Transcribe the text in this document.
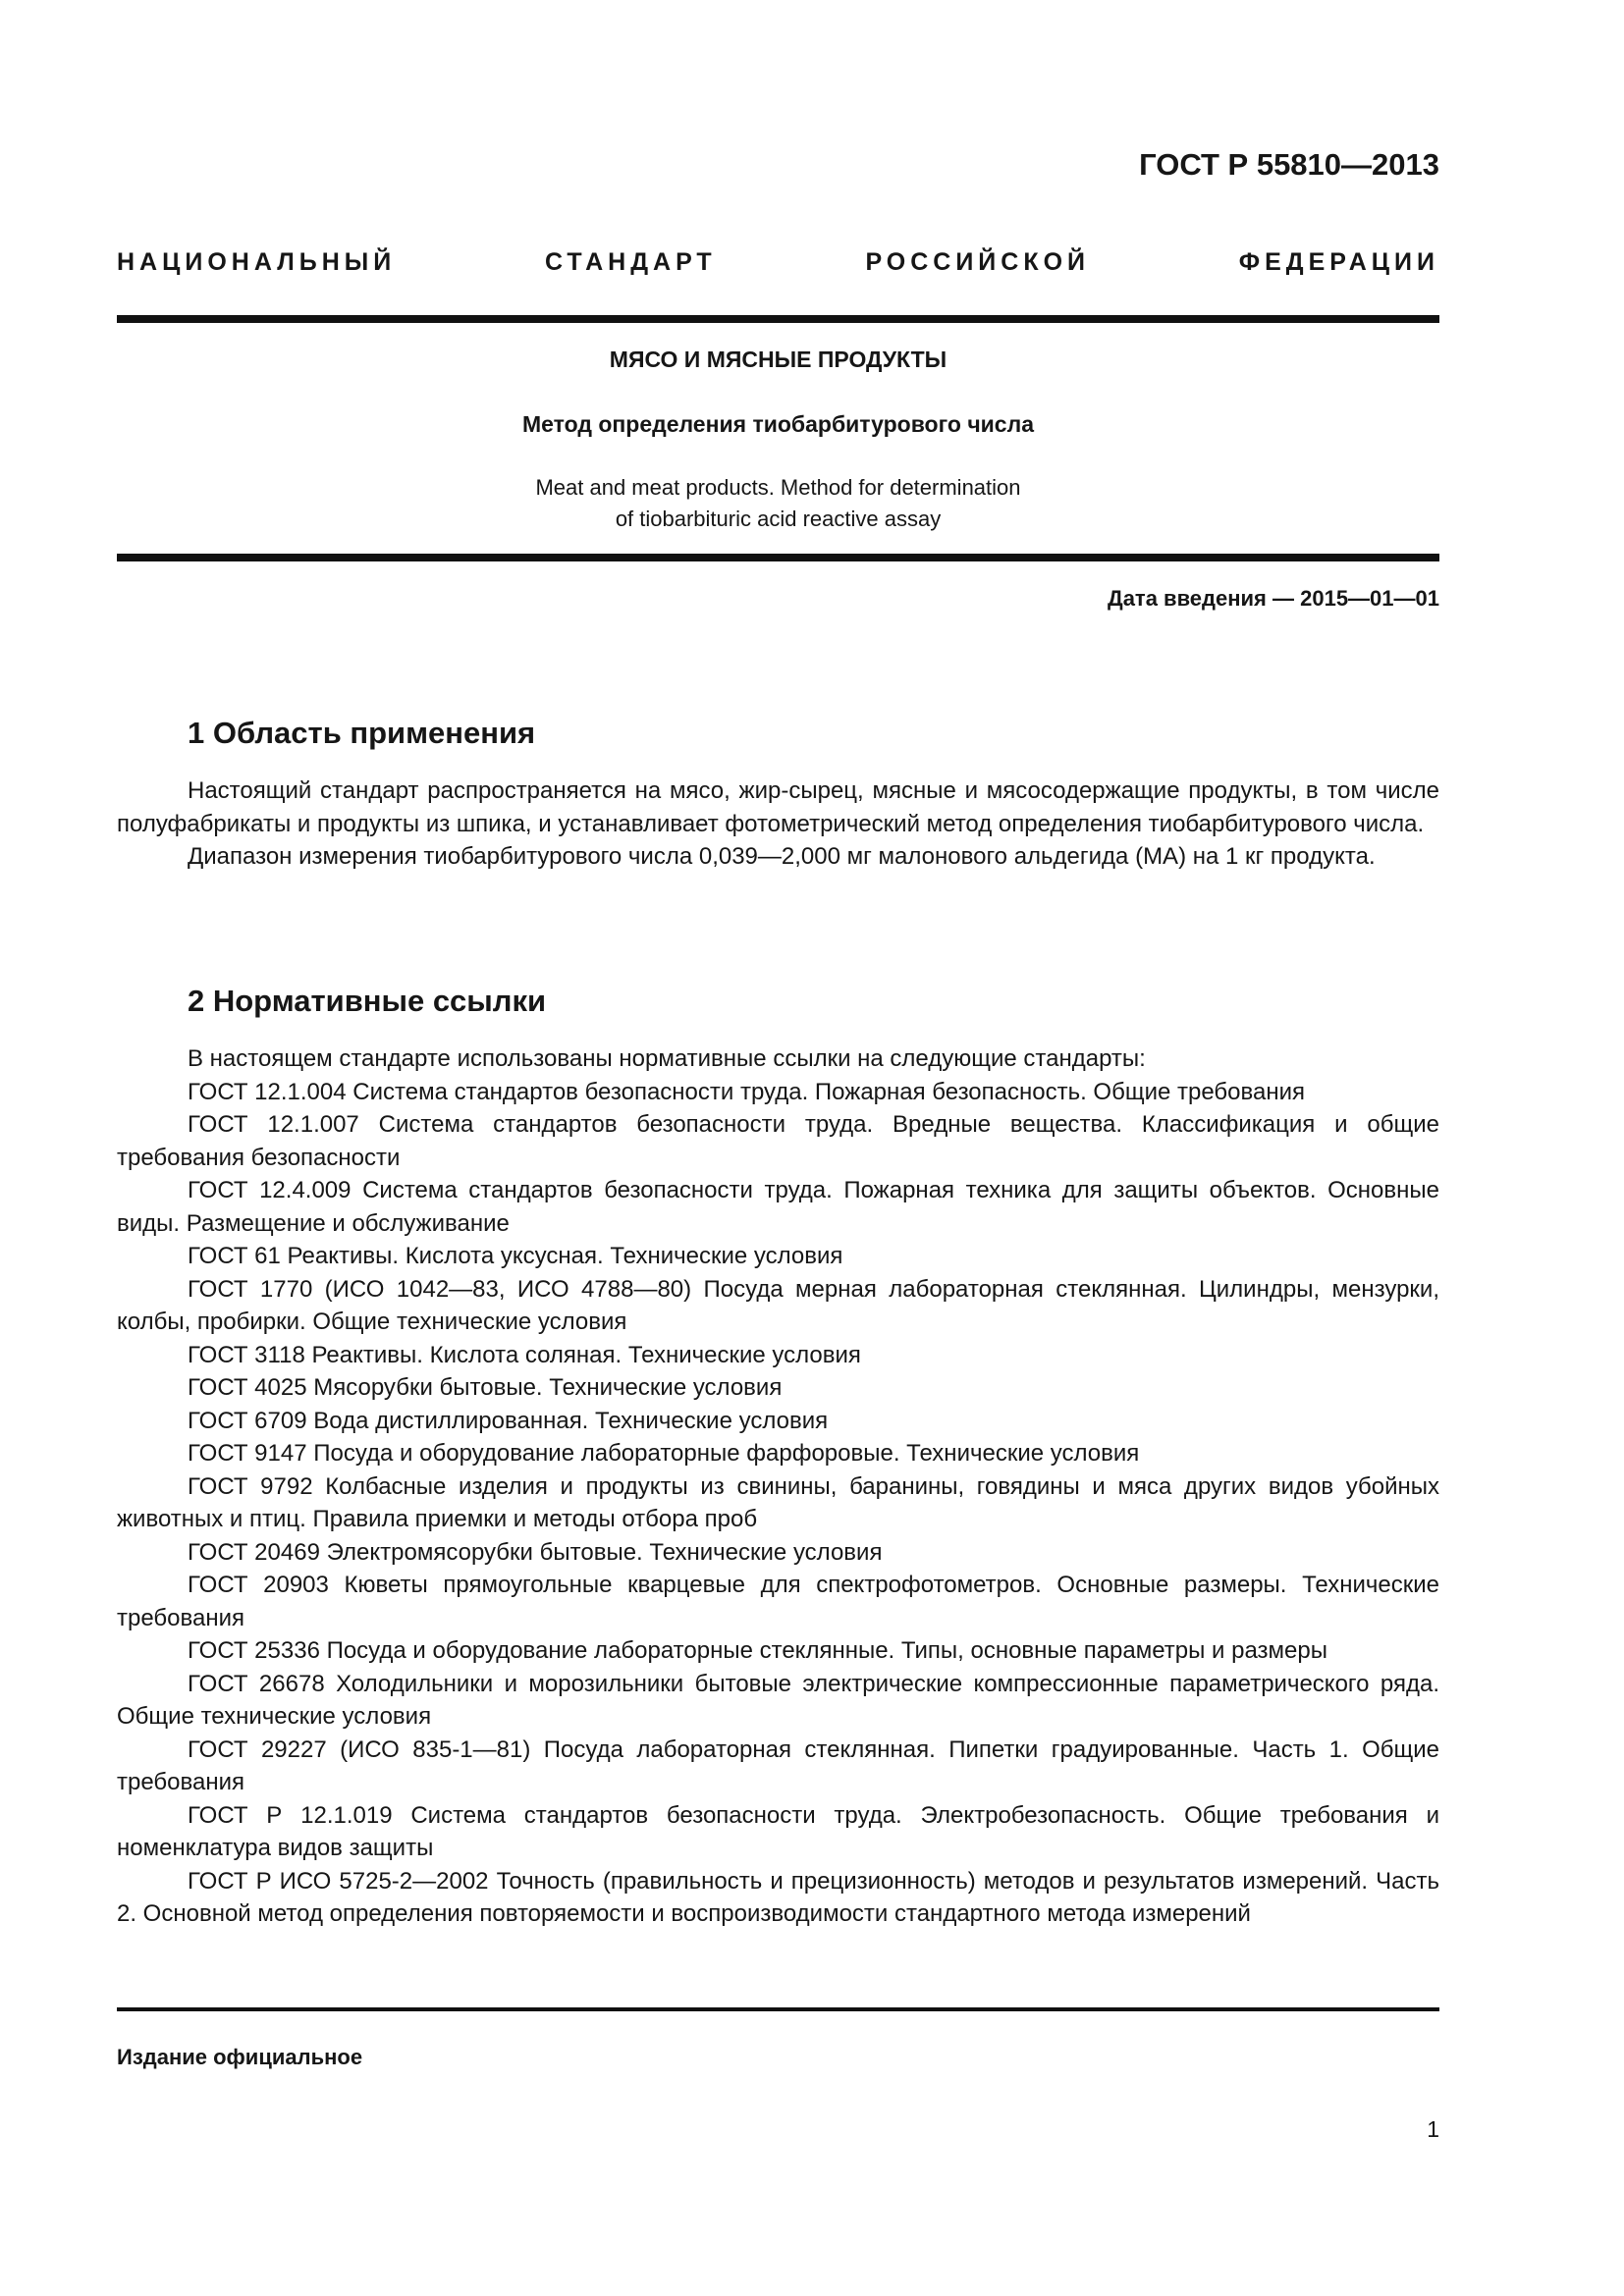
ГОСТ Р 55810—2013

НАЦИОНАЛЬНЫЙ СТАНДАРТ РОССИЙСКОЙ ФЕДЕРАЦИИ

МЯСО И МЯСНЫЕ ПРОДУКТЫ

Метод определения тиобарбитурового числа

Meat and meat products. Method for determination
of tiobarbituric acid reactive assay

Дата введения — 2015—01—01

1 Область применения

Настоящий стандарт распространяется на мясо, жир-сырец, мясные и мясосодержащие продукты, в том числе полуфабрикаты и продукты из шпика, и устанавливает фотометрический метод определения тиобарбитурового числа.

Диапазон измерения тиобарбитурового числа 0,039—2,000 мг малонового альдегида (МА) на 1 кг продукта.

2 Нормативные ссылки

В настоящем стандарте использованы нормативные ссылки на следующие стандарты:

ГОСТ 12.1.004 Система стандартов безопасности труда. Пожарная безопасность. Общие требования

ГОСТ 12.1.007 Система стандартов безопасности труда. Вредные вещества. Классификация и общие требования безопасности

ГОСТ 12.4.009 Система стандартов безопасности труда. Пожарная техника для защиты объектов. Основные виды. Размещение и обслуживание

ГОСТ 61 Реактивы. Кислота уксусная. Технические условия

ГОСТ 1770 (ИСО 1042—83, ИСО 4788—80) Посуда мерная лабораторная стеклянная. Цилиндры, мензурки, колбы, пробирки. Общие технические условия

ГОСТ 3118 Реактивы. Кислота соляная. Технические условия

ГОСТ 4025 Мясорубки бытовые. Технические условия

ГОСТ 6709 Вода дистиллированная. Технические условия

ГОСТ 9147 Посуда и оборудование лабораторные фарфоровые. Технические условия

ГОСТ 9792 Колбасные изделия и продукты из свинины, баранины, говядины и мяса других видов убойных животных и птиц. Правила приемки и методы отбора проб

ГОСТ 20469 Электромясорубки бытовые. Технические условия

ГОСТ 20903 Кюветы прямоугольные кварцевые для спектрофотометров. Основные размеры. Технические требования

ГОСТ 25336 Посуда и оборудование лабораторные стеклянные. Типы, основные параметры и размеры

ГОСТ 26678 Холодильники и морозильники бытовые электрические компрессионные параметрического ряда. Общие технические условия

ГОСТ 29227 (ИСО 835-1—81) Посуда лабораторная стеклянная. Пипетки градуированные. Часть 1. Общие требования

ГОСТ Р 12.1.019 Система стандартов безопасности труда. Электробезопасность. Общие требования и номенклатура видов защиты

ГОСТ Р ИСО 5725-2—2002 Точность (правильность и прецизионность) методов и результатов измерений. Часть 2. Основной метод определения повторяемости и воспроизводимости стандартного метода измерений

Издание официальное

1
